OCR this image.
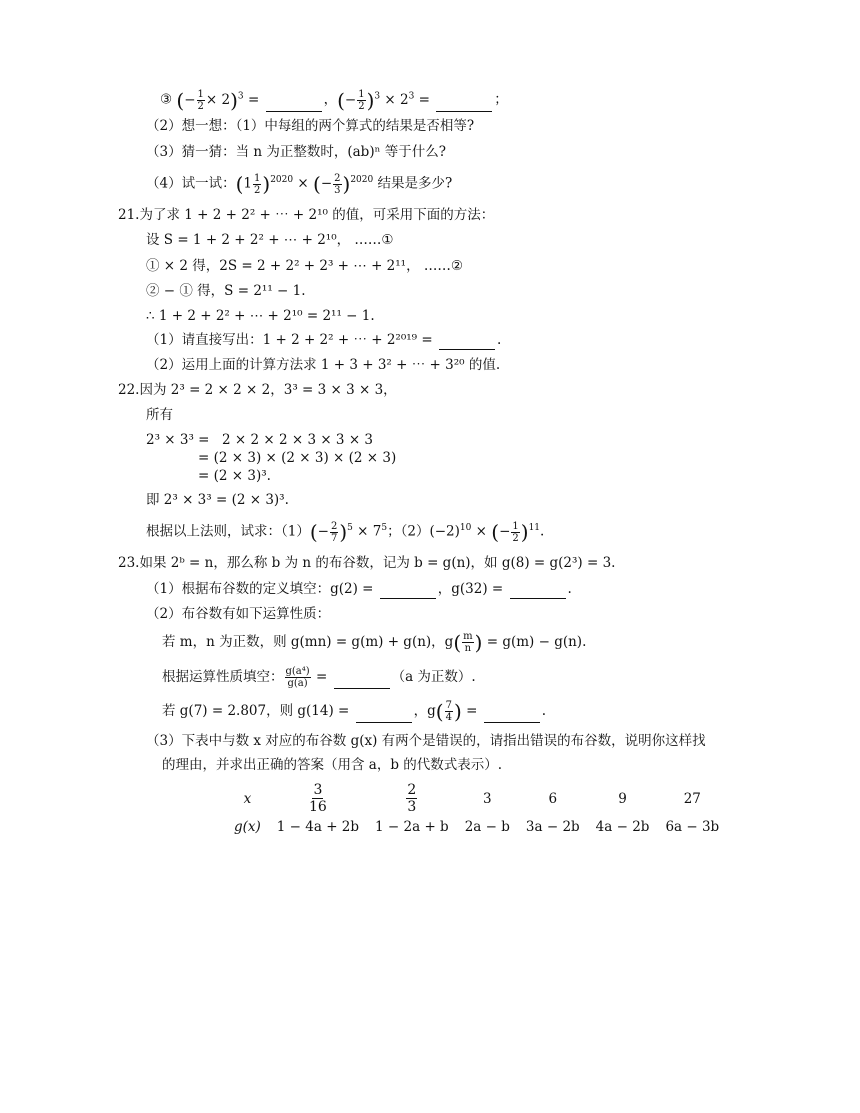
③ (− $\frac{1}{2} \times 2)^3$ =	，(− $\frac{1}{2} )^3 \times 2^3$ =	；
（2）想一想：（1）中每组的两个算式的结果是否相等?
（3）猜一猜：当 n 为正整数时，(ab)ⁿ 等于什么?
（4）试一试：$(1 \frac{1}{2} )^{2020}$ × (− $\frac{2}{3} )^{2020}$ 结果是多少?
21.为了求 1 + 2 + 2² + ⋯ + 2¹⁰ 的值，可采用下面的方法：
设 S = 1 + 2 + 2² + ⋯ + 2¹⁰， ……①
① × 2 得，2S = 2 + 2² + 2³ + ⋯ + 2¹¹， ……②
② − ① 得，S = 2¹¹ − 1.
∴ 1 + 2 + 2² + ⋯ + 2¹⁰ = 2¹¹ − 1.
（1）请直接写出：1 + 2 + 2² + ⋯ + 2²⁰¹⁹ =	.
（2）运用上面的计算方法求 1 + 3 + 3² + ⋯ + 3²⁰ 的值.
22.因为 2³ = 2 × 2 × 2，3³ = 3 × 3 × 3，
所有
2³ × 3³ = 2 × 2 × 2 × 3 × 3 × 3
= (2 × 3) × (2 × 3) × (2 × 3)
= (2 × 3)³.
即 2³ × 3³ = (2 × 3)³.
根据以上法则，试求：$(1)(- \frac{2}{7} )^5 \times 7^5$；$(2)(-2)^{10}$ × (− $\frac{1}{2} )^{11}$.
23.如果 2ᵇ = n，那么称 b 为 n 的布谷数，记为 b = g(n)，如 g(8) = g(2³) = 3.
（1）根据布谷数的定义填空：g(2) =	，g(32) =	.
（2）布谷数有如下运算性质：
若 m，n 为正数，则 g(mn) = g(m) + g(n)，$g( \frac{m}{n}$ ) = g(m) − g(n).
根据运算性质填空： $\frac{\text{g(a⁴)}}{g(a)}$ =	（a 为正数）.
若 g(7) = 2.807，则 g(14) =	，$g( \frac{7}{4}$ ) =	.
（3）下表中与数 x 对应的布谷数 g(x) 有两个是错误的，请指出错误的布谷数，说明你这样找
的理由，并求出正确的答案（用含 a，b 的代数式表示）.
x	$\frac{3}{16}$	$\frac{2}{3}$	3	6	9	27
g(x)	1 − 4a + 2b	1 − 2a + b	2a − b	3a − 2b	4a − 2b	6a − 3b
